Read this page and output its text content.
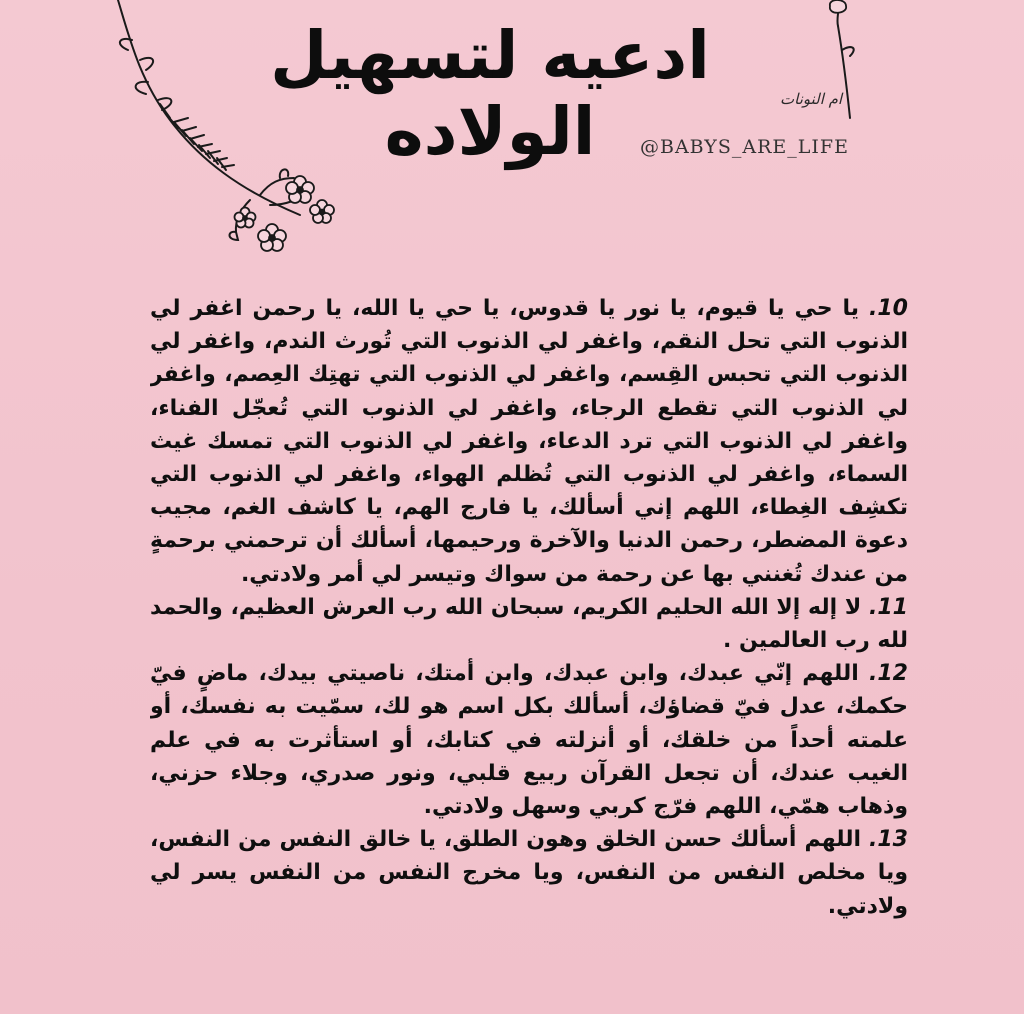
ادعيه لتسهيل الولاده	ام النونات
@BABYS_ARE_LIFE

10. يا حي يا قيوم، يا نور يا قدوس، يا حي يا الله، يا رحمن اغفر لي الذنوب التي تحل النقم، واغفر لي الذنوب التي تُورث الندم، واغفر لي الذنوب التي تحبس القِسم، واغفر لي الذنوب التي تهتِك العِصم، واغفر لي الذنوب التي تقطع الرجاء، واغفر لي الذنوب التي تُعجّل الفناء، واغفر لي الذنوب التي ترد الدعاء، واغفر لي الذنوب التي تمسك غيث السماء، واغفر لي الذنوب التي تُظلم الهواء، واغفر لي الذنوب التي تكشِف الغِطاء، اللهم إني أسألك، يا فارج الهم، يا كاشف الغم، مجيب دعوة المضطر، رحمن الدنيا والآخرة ورحيمها، أسألك أن ترحمني برحمةٍ من عندك تُغنني بها عن رحمة من سواك وتيسر لي أمر ولادتي.

11. لا إله إلا الله الحليم الكريم، سبحان الله رب العرش العظيم، والحمد لله رب العالمين .

12. اللهم إنّي عبدك، وابن عبدك، وابن أمتك، ناصيتي بيدك، ماضٍ فيّ حكمك، عدل فيّ قضاؤك، أسألك بكل اسم هو لك، سمّيت به نفسك، أو علمته أحداً من خلقك، أو أنزلته في كتابك، أو استأثرت به في علم الغيب عندك، أن تجعل القرآن ربيع قلبي، ونور صدري، وجلاء حزني، وذهاب همّي، اللهم فرّج كربي وسهل ولادتي.

13. اللهم أسألك حسن الخلق وهون الطلق، يا خالق النفس من النفس، ويا مخلص النفس من النفس، ويا مخرج النفس من النفس يسر لي ولادتي.
